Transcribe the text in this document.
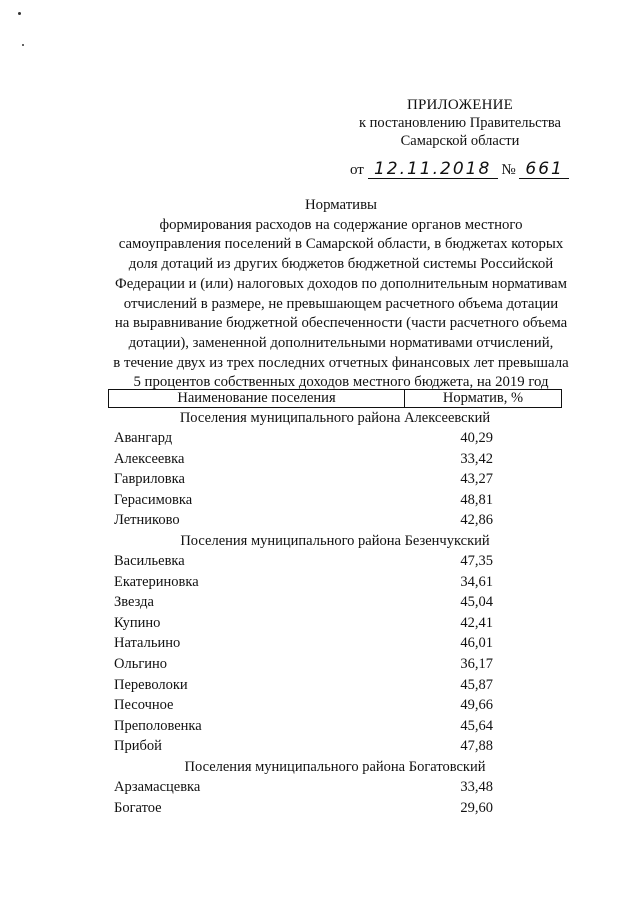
ПРИЛОЖЕНИЕ
к постановлению Правительства
Самарской области
от 12.11.2018 № 661
Нормативы
формирования расходов на содержание органов местного
самоуправления поселений в Самарской области, в бюджетах которых
доля дотаций из других бюджетов бюджетной системы Российской
Федерации и (или) налоговых доходов по дополнительным нормативам
отчислений в размере, не превышающем расчетного объема дотации
на выравнивание бюджетной обеспеченности (части расчетного объема
дотации), замененной дополнительными нормативами отчислений,
в течение двух из трех последних отчетных финансовых лет превышала
5 процентов собственных доходов местного бюджета, на 2019 год
Наименование поселения	Норматив, %
Поселения муниципального района Алексеевский
Авангард	40,29
Алексеевка	33,42
Гавриловка	43,27
Герасимовка	48,81
Летниково	42,86
Поселения муниципального района Безенчукский
Васильевка	47,35
Екатериновка	34,61
Звезда	45,04
Купино	42,41
Натальино	46,01
Ольгино	36,17
Переволоки	45,87
Песочное	49,66
Преполовенка	45,64
Прибой	47,88
Поселения муниципального района Богатовский
Арзамасцевка	33,48
Богатое	29,60
